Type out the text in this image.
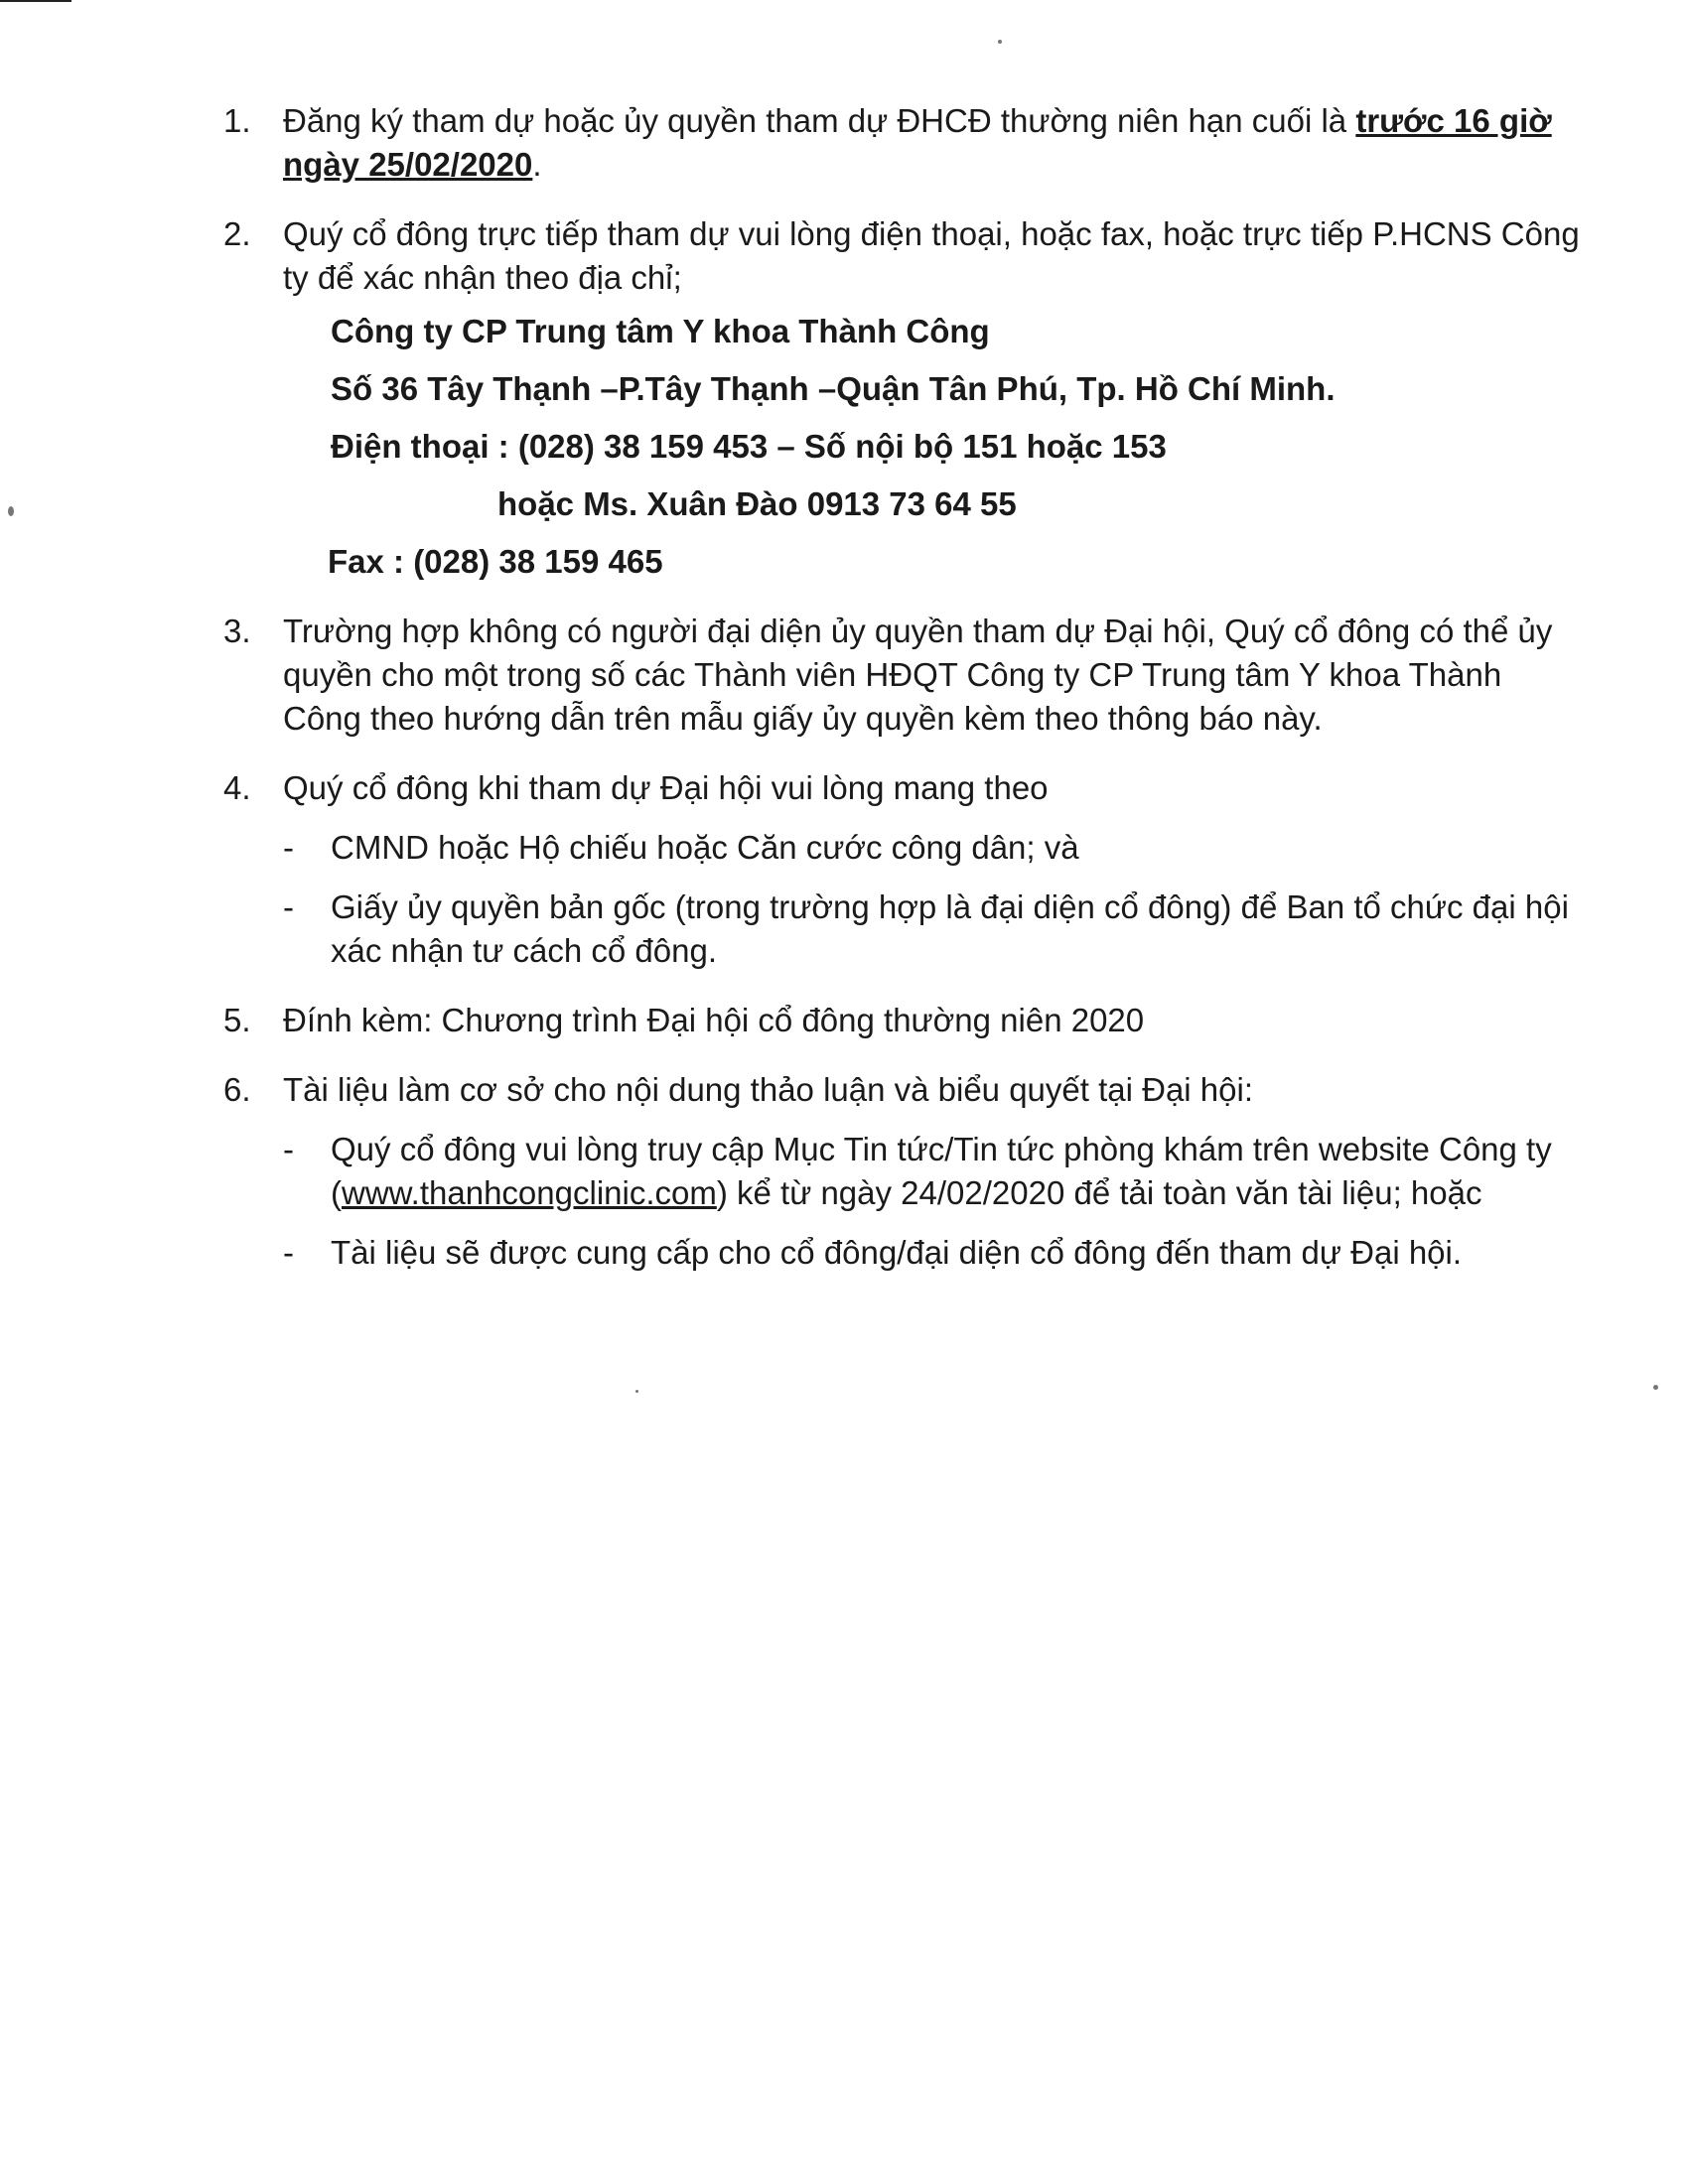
1. Đăng ký tham dự hoặc ủy quyền tham dự ĐHCĐ thường niên hạn cuối là trước 16 giờ ngày 25/02/2020.

2. Quý cổ đông trực tiếp tham dự vui lòng điện thoại, hoặc fax, hoặc trực tiếp P.HCNS Công ty để xác nhận theo địa chỉ;

Công ty CP Trung tâm Y khoa Thành Công
Số 36 Tây Thạnh –P.Tây Thạnh –Quận Tân Phú, Tp. Hồ Chí Minh.
Điện thoại : (028) 38 159 453 – Số nội bộ 151 hoặc 153
hoặc Ms. Xuân Đào 0913 73 64 55
Fax : (028) 38 159 465
3. Trường hợp không có người đại diện ủy quyền tham dự Đại hội, Quý cổ đông có thể ủy quyền cho một trong số các Thành viên HĐQT Công ty CP Trung tâm Y khoa Thành Công theo hướng dẫn trên mẫu giấy ủy quyền kèm theo thông báo này.

4. Quý cổ đông khi tham dự Đại hội vui lòng mang theo

- CMND hoặc Hộ chiếu hoặc Căn cước công dân; và
- Giấy ủy quyền bản gốc (trong trường hợp là đại diện cổ đông) để Ban tổ chức đại hội xác nhận tư cách cổ đông.
5. Đính kèm: Chương trình Đại hội cổ đông thường niên 2020

6. Tài liệu làm cơ sở cho nội dung thảo luận và biểu quyết tại Đại hội:

- Quý cổ đông vui lòng truy cập Mục Tin tức/Tin tức phòng khám trên website Công ty (www.thanhcongclinic.com) kể từ ngày 24/02/2020 để tải toàn văn tài liệu; hoặc
- Tài liệu sẽ được cung cấp cho cổ đông/đại diện cổ đông đến tham dự Đại hội.
